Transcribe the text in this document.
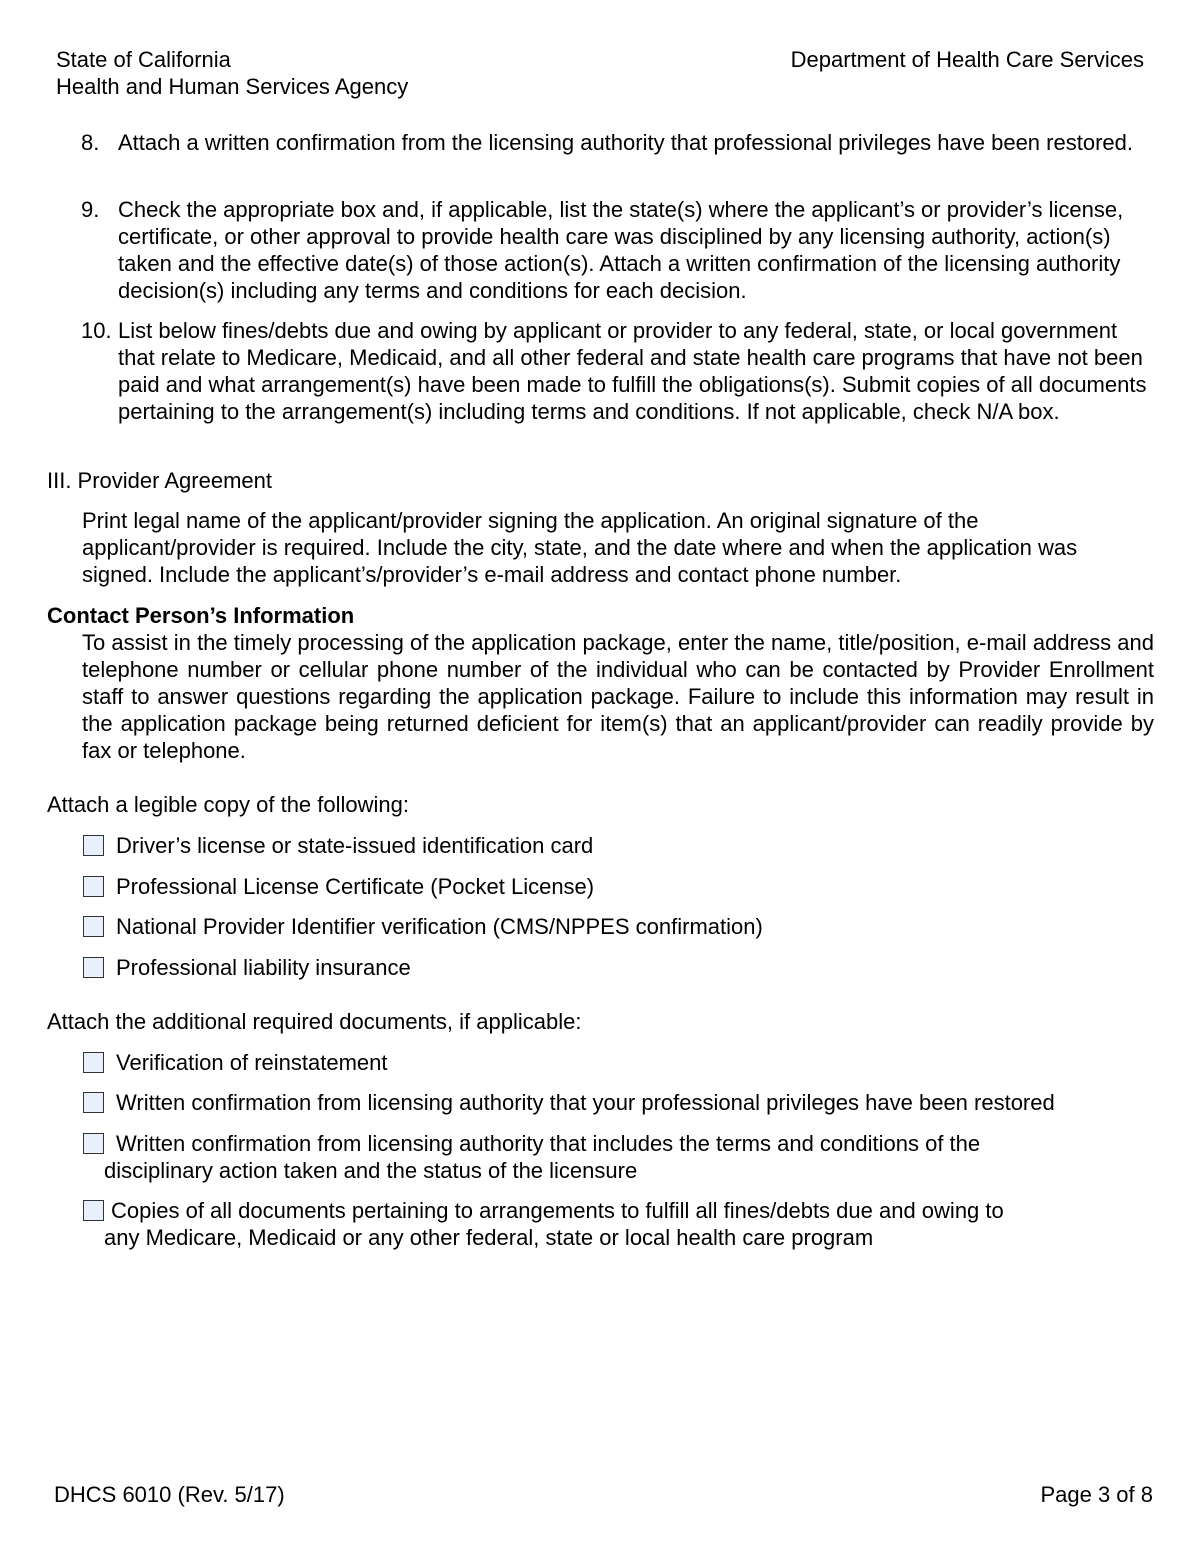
State of California
Health and Human Services Agency
Department of Health Care Services
8. Attach a written confirmation from the licensing authority that professional privileges have been restored.
9. Check the appropriate box and, if applicable, list the state(s) where the applicant’s or provider’s license, certificate, or other approval to provide health care was disciplined by any licensing authority, action(s) taken and the effective date(s) of those action(s). Attach a written confirmation of the licensing authority decision(s) including any terms and conditions for each decision.
10. List below fines/debts due and owing by applicant or provider to any federal, state, or local government that relate to Medicare, Medicaid, and all other federal and state health care programs that have not been paid and what arrangement(s) have been made to fulfill the obligations(s). Submit copies of all documents pertaining to the arrangement(s) including terms and conditions. If not applicable, check N/A box.
III. Provider Agreement
Print legal name of the applicant/provider signing the application. An original signature of the applicant/provider is required. Include the city, state, and the date where and when the application was signed. Include the applicant’s/provider’s e-mail address and contact phone number.
Contact Person’s Information
To assist in the timely processing of the application package, enter the name, title/position, e-mail address and telephone number or cellular phone number of the individual who can be contacted by Provider Enrollment staff to answer questions regarding the application package. Failure to include this information may result in the application package being returned deficient for item(s) that an applicant/provider can readily provide by fax or telephone.
Attach a legible copy of the following:
Driver’s license or state-issued identification card
Professional License Certificate (Pocket License)
National Provider Identifier verification (CMS/NPPES confirmation)
Professional liability insurance
Attach the additional required documents, if applicable:
Verification of reinstatement
Written confirmation from licensing authority that your professional privileges have been restored
Written confirmation from licensing authority that includes the terms and conditions of the
disciplinary action taken and the status of the licensure
Copies of all documents pertaining to arrangements to fulfill all fines/debts due and owing to
any Medicare, Medicaid or any other federal, state or local health care program
DHCS 6010 (Rev. 5/17)	Page 3 of 8
